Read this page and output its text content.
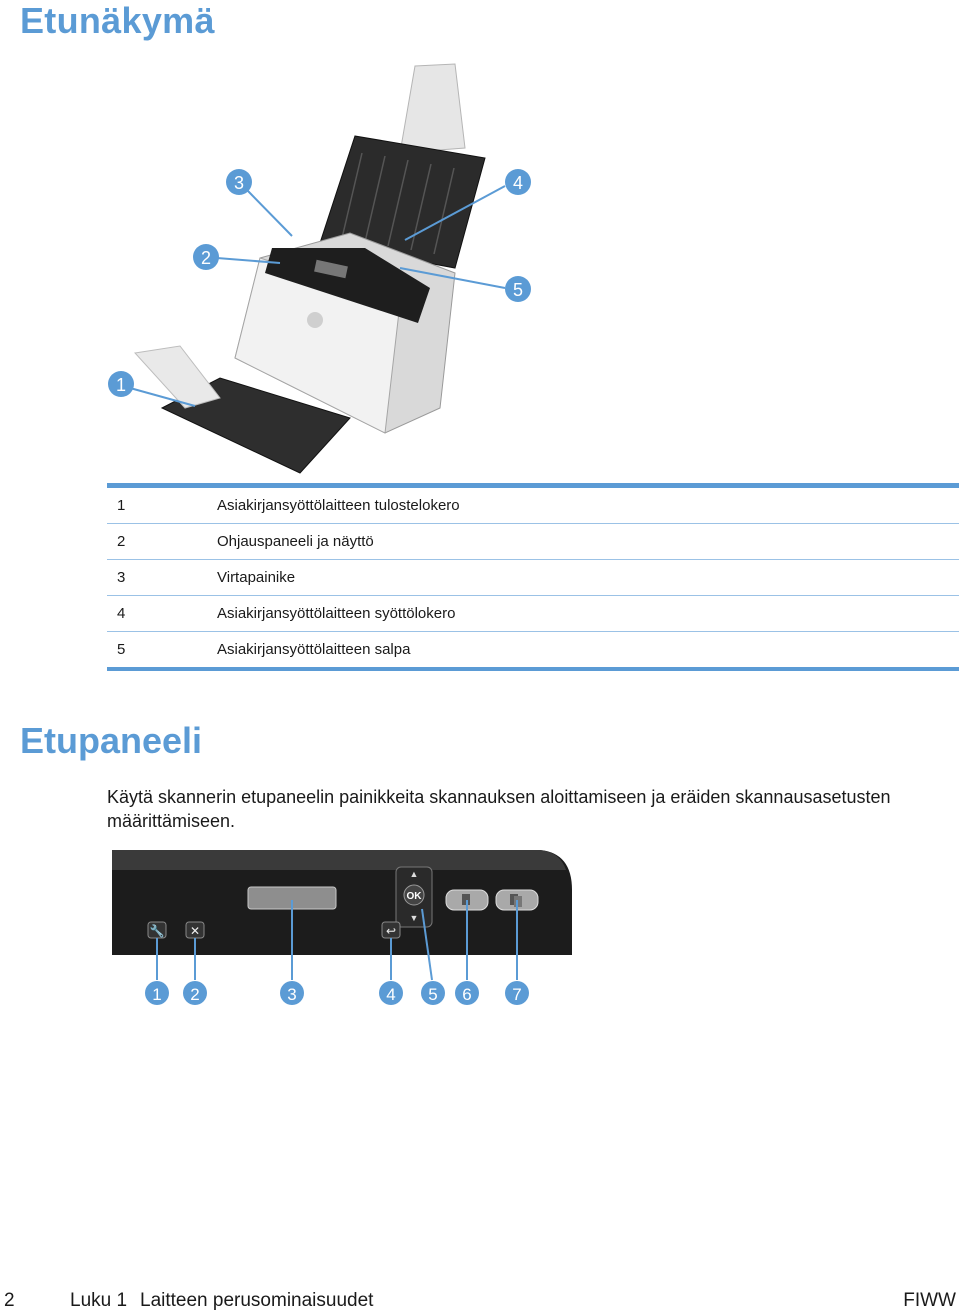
Etunäkymä
1
2
3	4
5
1	Asiakirjansyöttölaitteen tulostelokero
2	Ohjauspaneeli ja näyttö
3	Virtapainike
4	Asiakirjansyöttölaitteen syöttölokero
5	Asiakirjansyöttölaitteen salpa
Etupaneeli

Käytä skannerin etupaneelin painikkeita skannauksen aloittamiseen ja eräiden skannausasetusten määrittämiseen.

▲
OK
▼
🔧 ✕	↩
1 2	3	4 5 6 7
2	Luku 1 Laitteen perusominaisuudet	FIWW
